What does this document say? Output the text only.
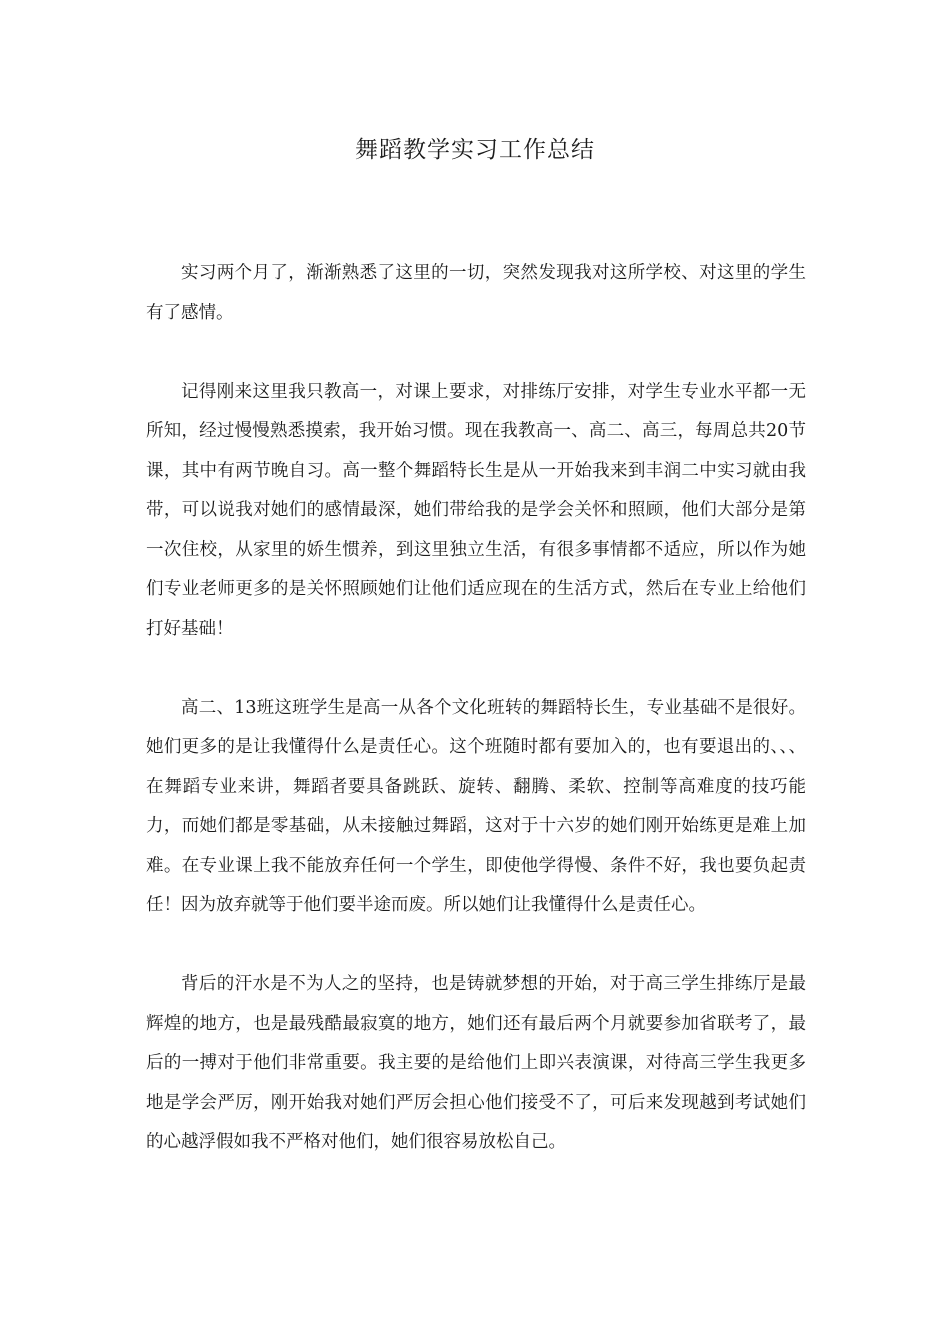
舞蹈教学实习工作总结

实习两个月了，渐渐熟悉了这里的一切，突然发现我对这所学校、对这里的学生有了感情。

记得刚来这里我只教高一，对课上要求，对排练厅安排，对学生专业水平都一无所知，经过慢慢熟悉摸索，我开始习惯。现在我教高一、高二、高三，每周总共20节课，其中有两节晚自习。高一整个舞蹈特长生是从一开始我来到丰润二中实习就由我带，可以说我对她们的感情最深，她们带给我的是学会关怀和照顾，他们大部分是第一次住校，从家里的娇生惯养，到这里独立生活，有很多事情都不适应，所以作为她们专业老师更多的是关怀照顾她们让他们适应现在的生活方式，然后在专业上给他们打好基础！

高二、13班这班学生是高一从各个文化班转的舞蹈特长生，专业基础不是很好。她们更多的是让我懂得什么是责任心。这个班随时都有要加入的，也有要退出的、、、在舞蹈专业来讲，舞蹈者要具备跳跃、旋转、翻腾、柔软、控制等高难度的技巧能力，而她们都是零基础，从未接触过舞蹈，这对于十六岁的她们刚开始练更是难上加难。在专业课上我不能放弃任何一个学生，即使他学得慢、条件不好，我也要负起责任！因为放弃就等于他们要半途而废。所以她们让我懂得什么是责任心。

背后的汗水是不为人之的坚持，也是铸就梦想的开始，对于高三学生排练厅是最辉煌的地方，也是最残酷最寂寞的地方，她们还有最后两个月就要参加省联考了，最后的一搏对于他们非常重要。我主要的是给他们上即兴表演课，对待高三学生我更多地是学会严厉，刚开始我对她们严厉会担心他们接受不了，可后来发现越到考试她们的心越浮假如我不严格对他们，她们很容易放松自己。
